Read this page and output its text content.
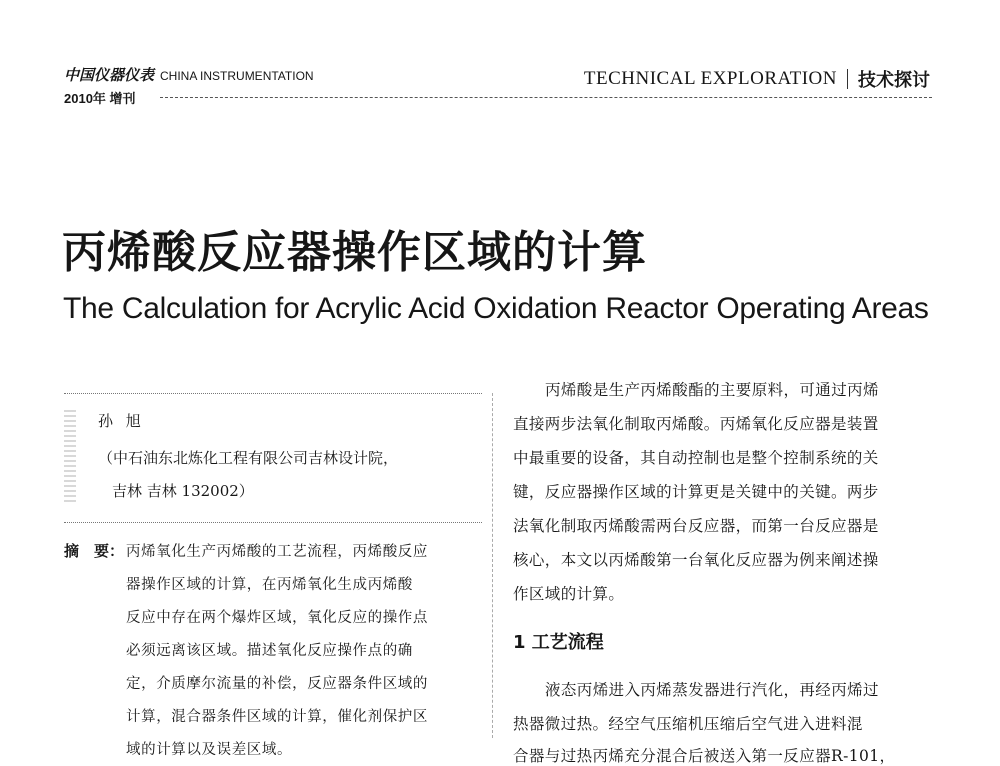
中国仪器仪表 CHINA INSTRUMENTATION
2010年 增刊
TECHNICAL EXPLORATION 技术探讨
丙烯酸反应器操作区域的计算
The Calculation for Acrylic Acid Oxidation Reactor Operating Areas
孙 旭
（中石油东北炼化工程有限公司吉林设计院，
吉林 吉林 132002）
摘　要： 丙烯氧化生产丙烯酸的工艺流程，丙烯酸反应
器操作区域的计算，在丙烯氧化生成丙烯酸
反应中存在两个爆炸区域，氧化反应的操作点
必须远离该区域。描述氧化反应操作点的确
定，介质摩尔流量的补偿，反应器条件区域的
计算，混合器条件区域的计算，催化剂保护区
域的计算以及误差区域。
丙烯酸是生产丙烯酸酯的主要原料，可通过丙烯
直接两步法氧化制取丙烯酸。丙烯氧化反应器是装置
中最重要的设备，其自动控制也是整个控制系统的关
键，反应器操作区域的计算更是关键中的关键。两步
法氧化制取丙烯酸需两台反应器，而第一台反应器是
核心，本文以丙烯酸第一台氧化反应器为例来阐述操
作区域的计算。
1 工艺流程
液态丙烯进入丙烯蒸发器进行汽化，再经丙烯过
热器微过热。经空气压缩机压缩后空气进入进料混
合器与过热丙烯充分混合后被送入第一反应器R-101，
